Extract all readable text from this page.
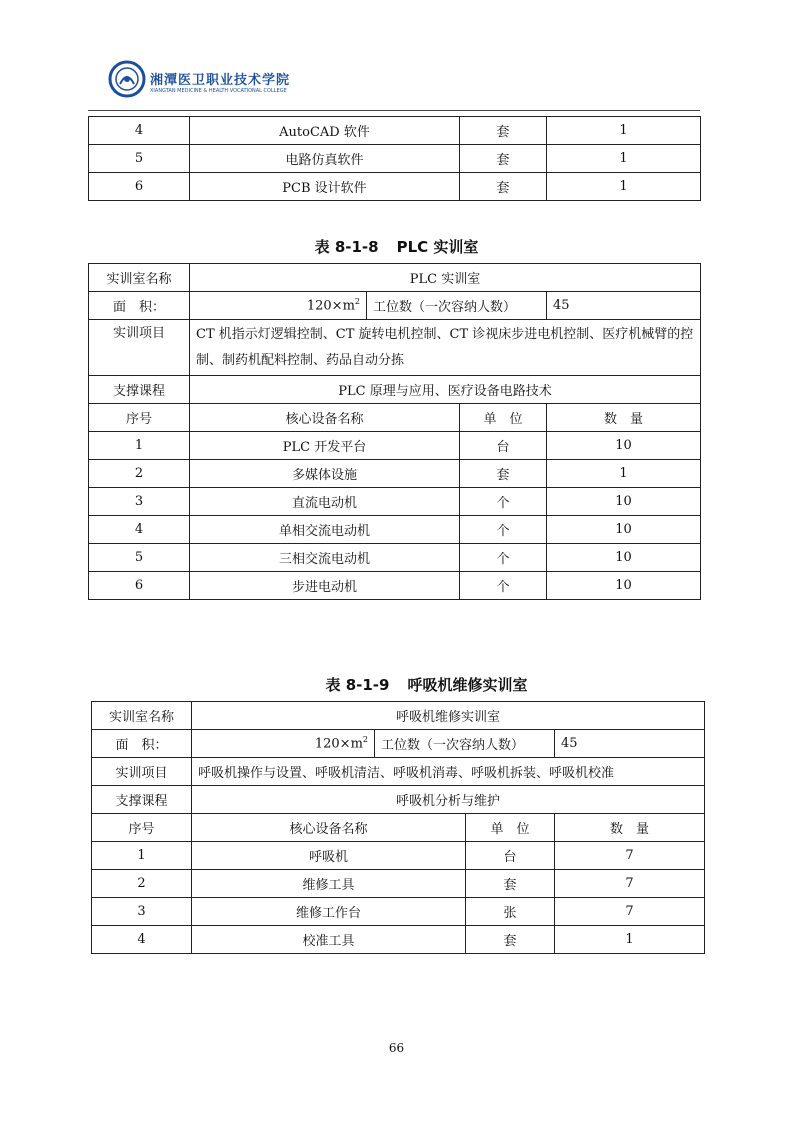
湘潭医卫职业技术学院
XIANGTAN MEDICINE & HEALTH VOCATIONAL COLLEGE
4	AutoCAD 软件	套	1
5	电路仿真软件	套	1
6	PCB 设计软件	套	1
表 8-1-8 PLC 实训室
实训室名称	PLC 实训室			
面　积：	$120\times m^2$	工位数（一次容纳人数）		45
实训项目	CT 机指示灯逻辑控制、CT 旋转电机控制、CT 诊视床步进电机控制、医疗机械臂的控制、制药机配料控制、药品自动分拣			
支撑课程	PLC 原理与应用、医疗设备电路技术			
序号	核心设备名称		单　位	数　量
1	PLC 开发平台		台	10
2	多媒体设施		套	1
3	直流电动机		个	10
4	单相交流电动机		个	10
5	三相交流电动机		个	10
6	步进电动机		个	10
表 8-1-9 呼吸机维修实训室
实训室名称	呼吸机维修实训室			
面　积：	$120\times m^2$	工位数（一次容纳人数）		45
实训项目	呼吸机操作与设置、呼吸机清洁、呼吸机消毒、呼吸机拆装、呼吸机校准			
支撑课程	呼吸机分析与维护			
序号	核心设备名称		单　位	数　量
1	呼吸机		台	7
2	维修工具		套	7
3	维修工作台		张	7
4	校准工具		套	1
66
